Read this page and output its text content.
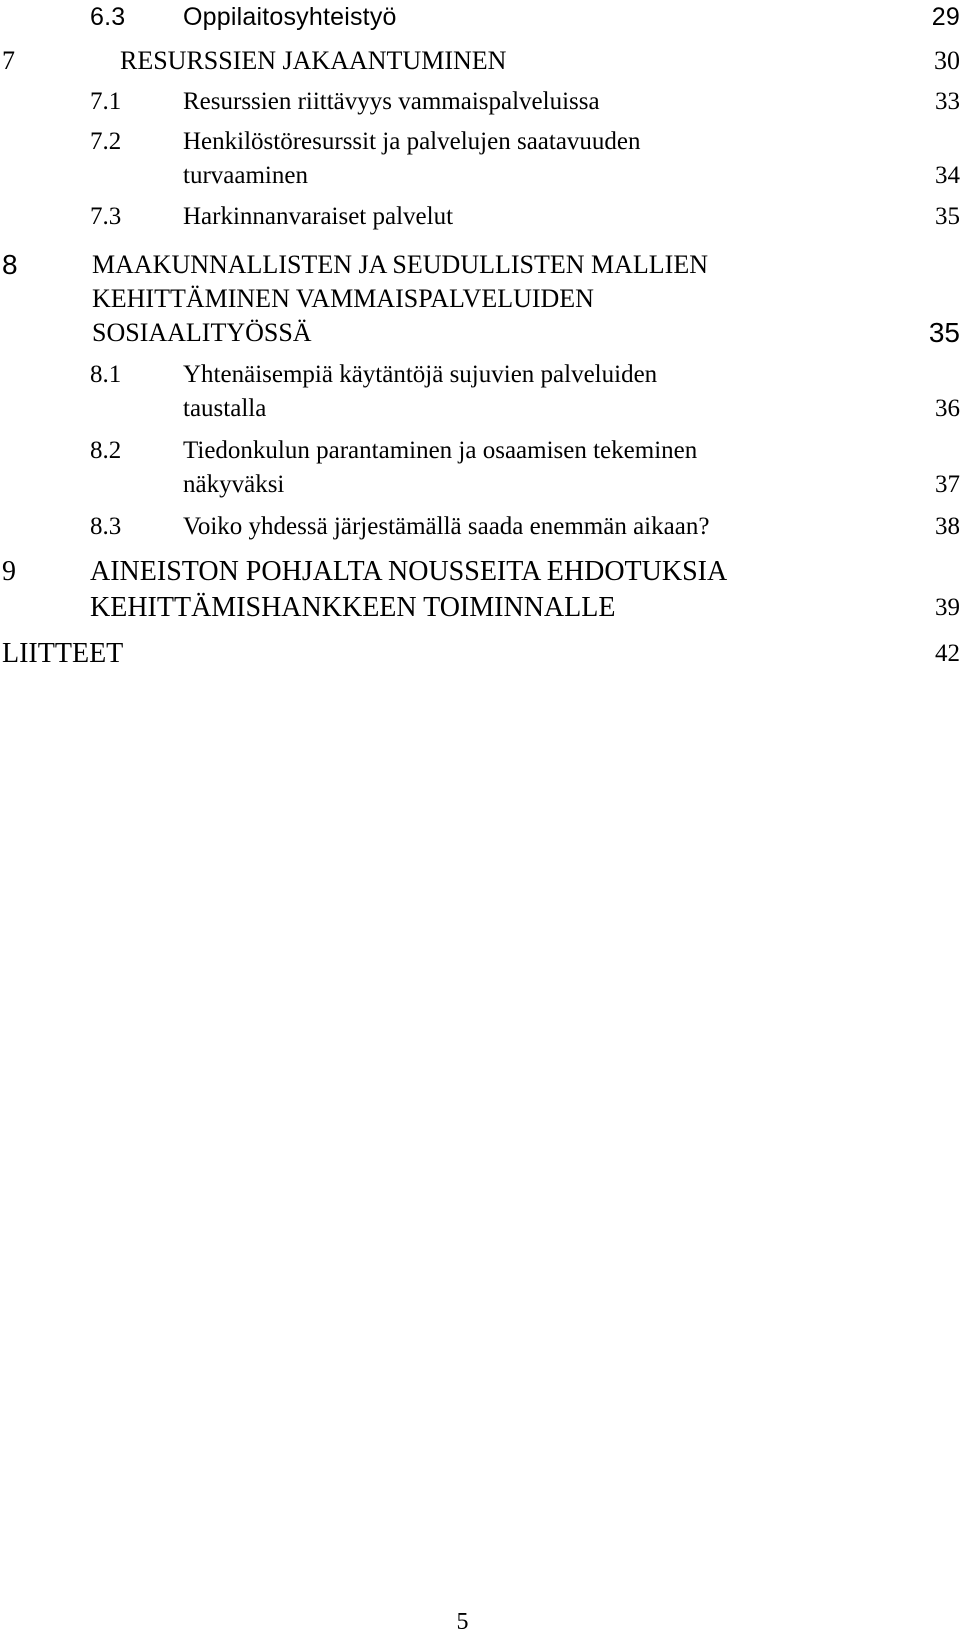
6.3 Oppilaitosyhteistyö	29
7	RESURSSIEN JAKAANTUMINEN	30
7.1 Resurssien riittävyys vammaispalveluissa	33
7.2 Henkilöstöresurssit ja palvelujen saatavuuden
turvaaminen	34
7.3 Harkinnanvaraiset palvelut	35
8	MAAKUNNALLISTEN JA SEUDULLISTEN MALLIEN
KEHITTÄMINEN VAMMAISPALVELUIDEN
SOSIAALITYÖSSÄ	35
8.1 Yhtenäisempiä käytäntöjä sujuvien palveluiden
taustalla	36
8.2 Tiedonkulun parantaminen ja osaamisen tekeminen
näkyväksi	37
8.3 Voiko yhdessä järjestämällä saada enemmän aikaan?	38
9	AINEISTON POHJALTA NOUSSEITA EHDOTUKSIA
KEHITTÄMISHANKKEEN TOIMINNALLE	39
LIITTEET	42
5
